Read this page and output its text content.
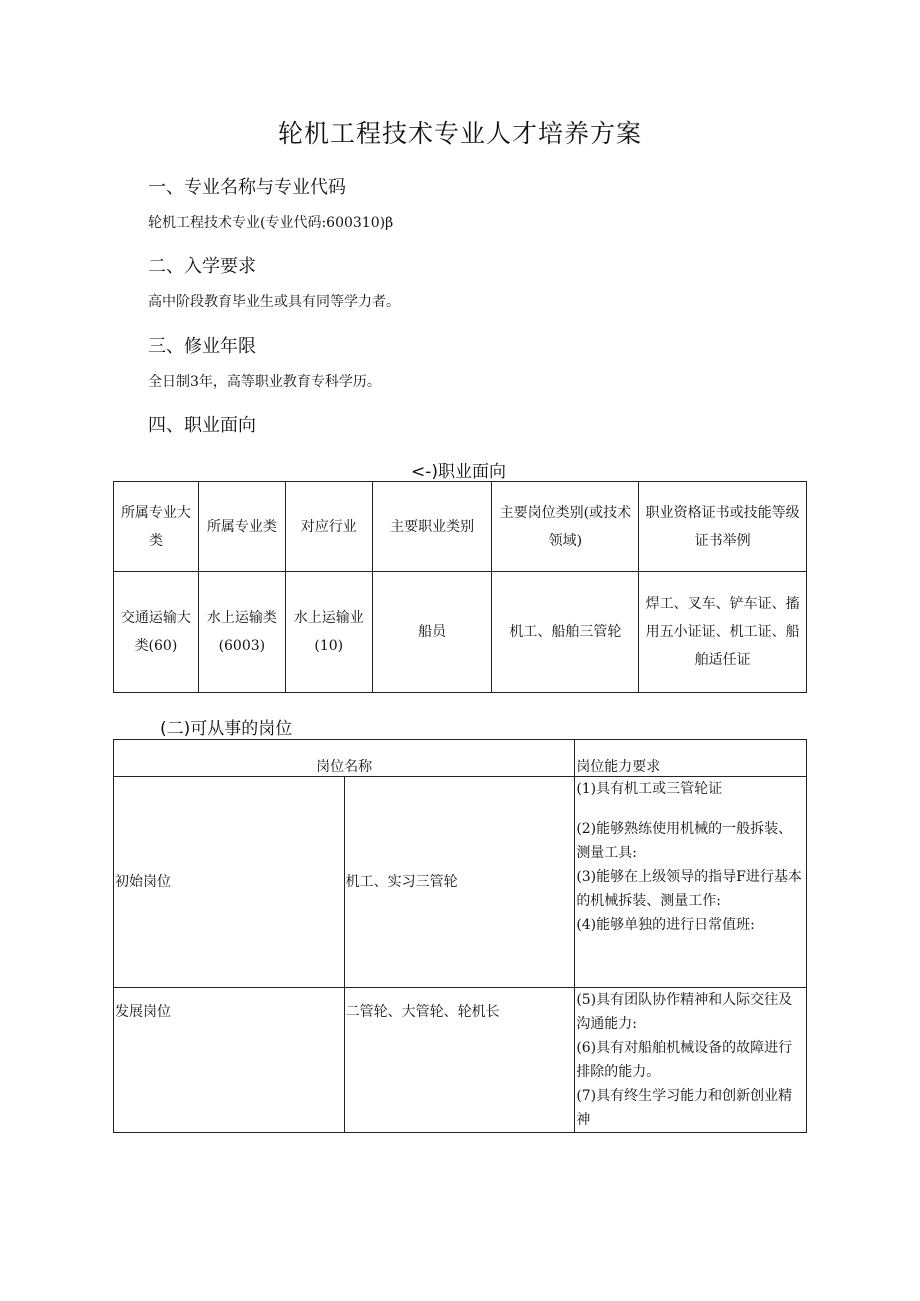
轮机工程技术专业人才培养方案
一、专业名称与专业代码
轮机工程技术专业(专业代码:600310)β
二、入学要求
高中阶段教育毕业生或具有同等学力者。
三、修业年限
全日制3年，高等职业教育专科学历。
四、职业面向
<-)职业面向
所属专业大类	所属专业类	对应行业	主要职业类别	主要岗位类别(或技术领域)	职业资格证书或技能等级证书举例
交通运输大类(60)	水上运输类(6003)	水上运输业(10)	船员	机工、船舶三管轮	焊工、叉车、铲车证、搐用五小证证、机工证、船舶适任证
(二)可从事的岗位
岗位名称		岗位能力要求
初始岗位	机工、实习三管轮	(1)具有机工或三管轮证
(2)能够熟练使用机械的一般拆装、测量工具:
(3)能够在上级领导的指导F进行基本的机械拆装、测量工作:
(4)能够单独的进行日常值班:

发展岗位	二管轮、大管轮、轮机长	(5)具有团队协作精神和人际交往及沟通能力:
(6)具有对船舶机械设备的故障进行排除的能力。
(7)具有终生学习能力和创新创业精神
